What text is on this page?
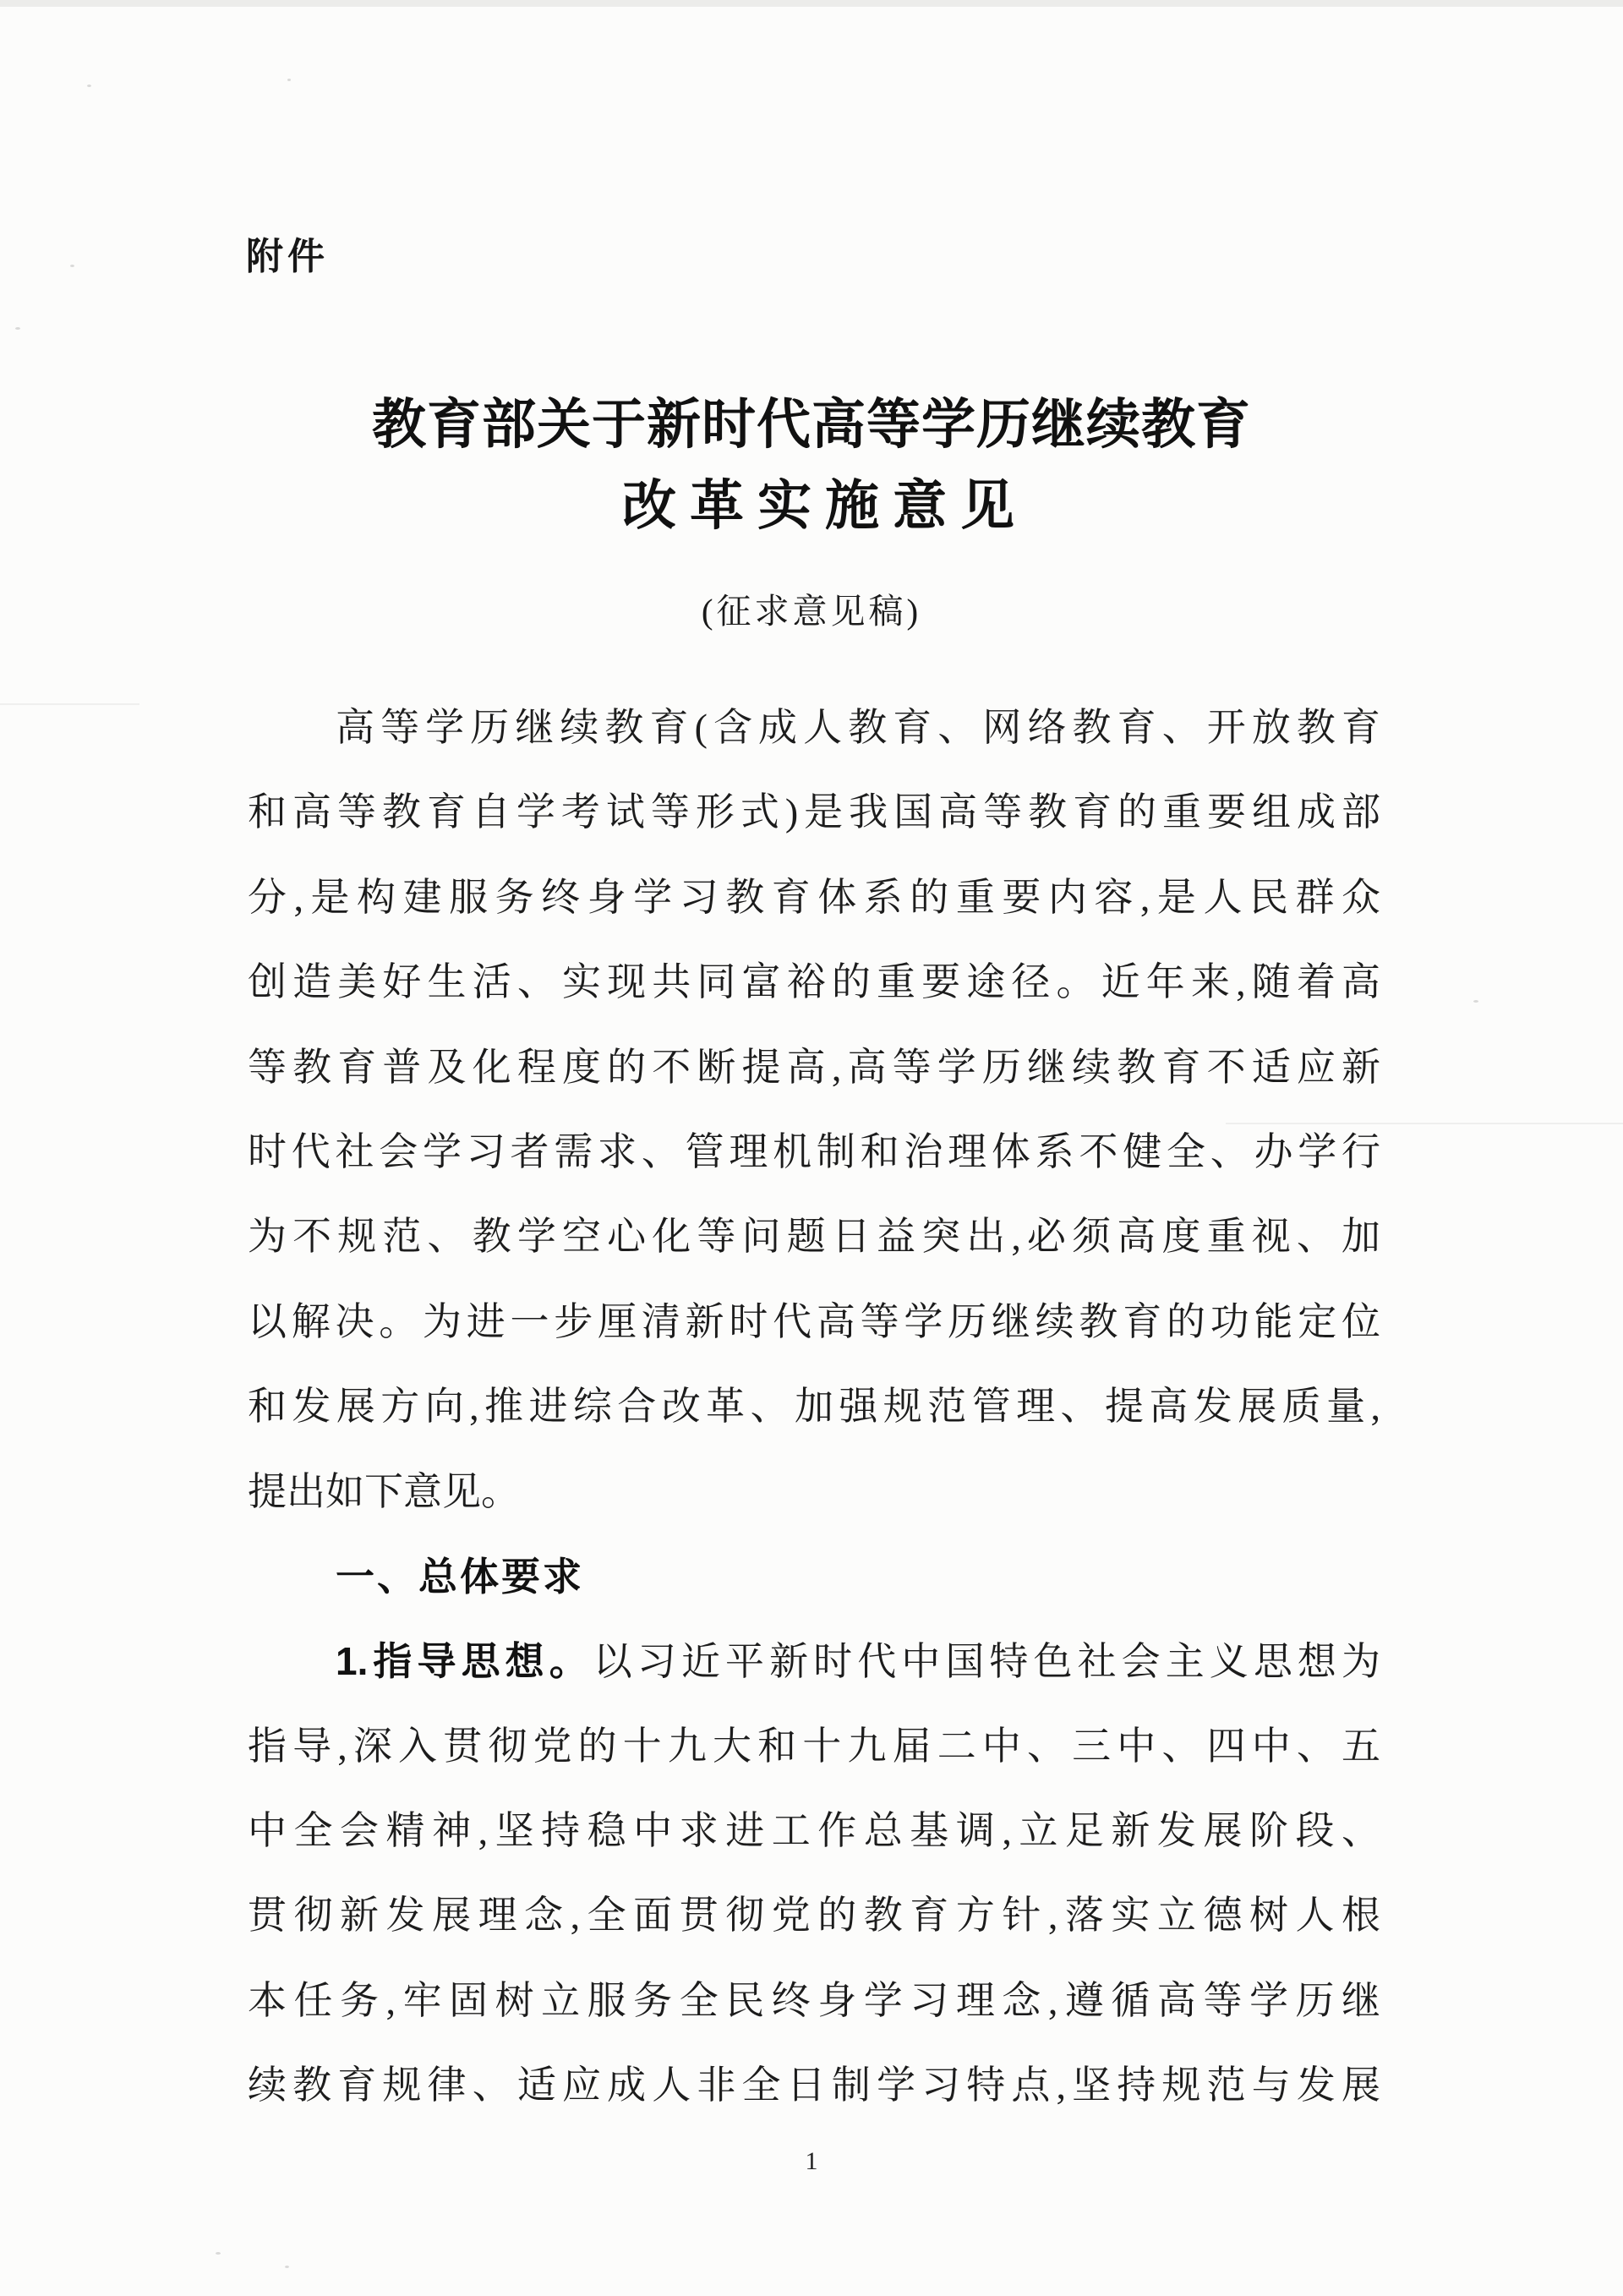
附件
教育部关于新时代高等学历继续教育
改革实施意见
(征求意见稿)
高等学历继续教育(含成人教育、网络教育、开放教育
和高等教育自学考试等形式)是我国高等教育的重要组成部
分,是构建服务终身学习教育体系的重要内容,是人民群众
创造美好生活、实现共同富裕的重要途径。近年来,随着高
等教育普及化程度的不断提高,高等学历继续教育不适应新
时代社会学习者需求、管理机制和治理体系不健全、办学行
为不规范、教学空心化等问题日益突出,必须高度重视、加
以解决。为进一步厘清新时代高等学历继续教育的功能定位
和发展方向,推进综合改革、加强规范管理、提高发展质量,
提出如下意见。
一、总体要求
1.指导思想。以习近平新时代中国特色社会主义思想为
指导,深入贯彻党的十九大和十九届二中、三中、四中、五
中全会精神,坚持稳中求进工作总基调,立足新发展阶段、
贯彻新发展理念,全面贯彻党的教育方针,落实立德树人根
本任务,牢固树立服务全民终身学习理念,遵循高等学历继
续教育规律、适应成人非全日制学习特点,坚持规范与发展
1
